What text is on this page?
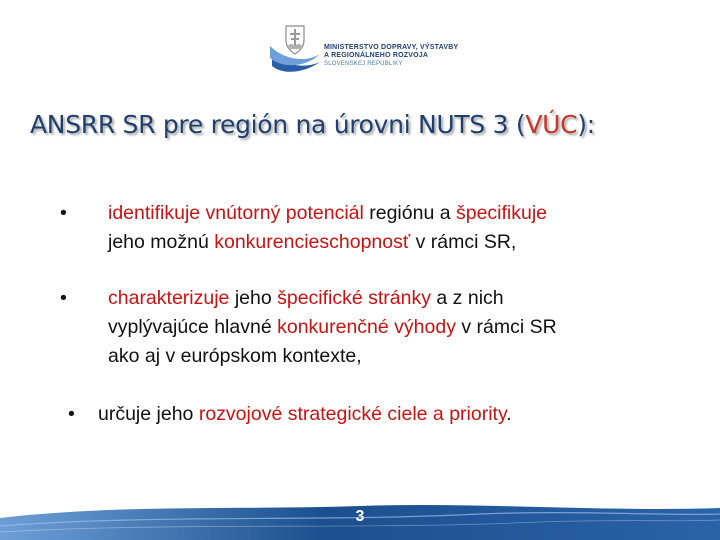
MINISTERSTVO DOPRAVY, VÝSTAVBY
A REGIONÁLNEHO ROZVOJA
SLOVENSKEJ REPUBLIKY
ANSRR SR pre región na úrovni NUTS 3 (VÚC):
• identifikuje vnútorný potenciál regiónu a špecifikuje
jeho možnú konkurencieschopnosť v rámci SR,
• charakterizuje jeho špecifické stránky a z nich
vyplývajúce hlavné konkurenčné výhody v rámci SR
ako aj v európskom kontexte,
• určuje jeho rozvojové strategické ciele a priority.
3
